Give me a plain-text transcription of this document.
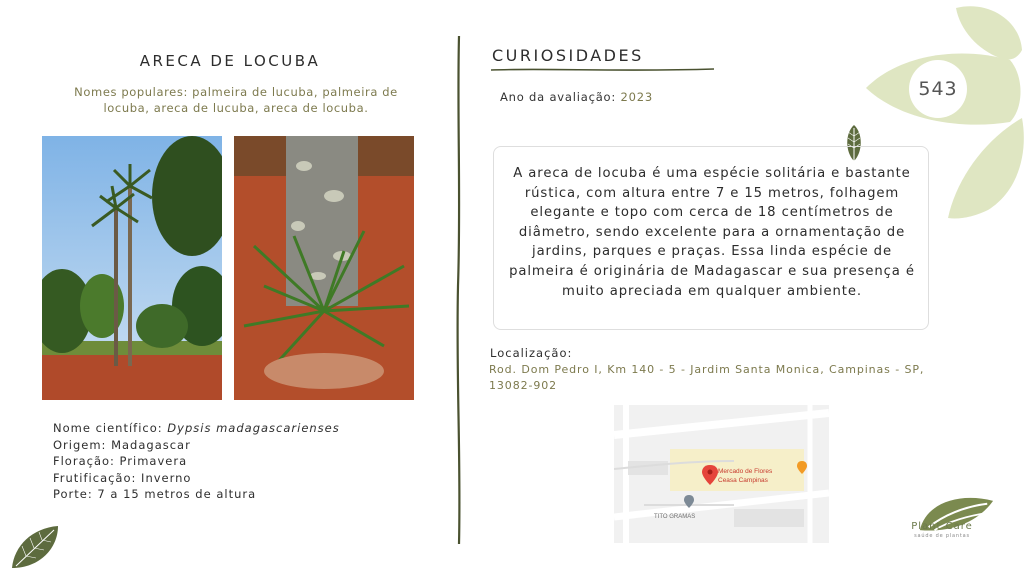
543
ARECA DE LOCUBA
Nomes populares: palmeira de lucuba, palmeira de locuba, areca de lucuba, areca de locuba.
Nome científico: Dypsis madagascarienses
Origem: Madagascar
Floração: Primavera
Frutificação: Inverno
Porte: 7 a 15 metros de altura
CURIOSIDADES
Ano da avaliação: 2023
A areca de locuba é uma espécie solitária e bastante rústica, com altura entre 7 e 15 metros, folhagem elegante e topo com cerca de 18 centímetros de diâmetro, sendo excelente para a ornamentação de jardins, parques e praças. Essa linda espécie de palmeira é originária de Madagascar e sua presença é muito apreciada em qualquer ambiente.
Localização:
Rod. Dom Pedro I, Km 140 - 5 - Jardim Santa Monica, Campinas - SP, 13082-902
Mercado de Flores
Ceasa Campinas
TITO GRAMAS
Plant Care
saúde de plantas
